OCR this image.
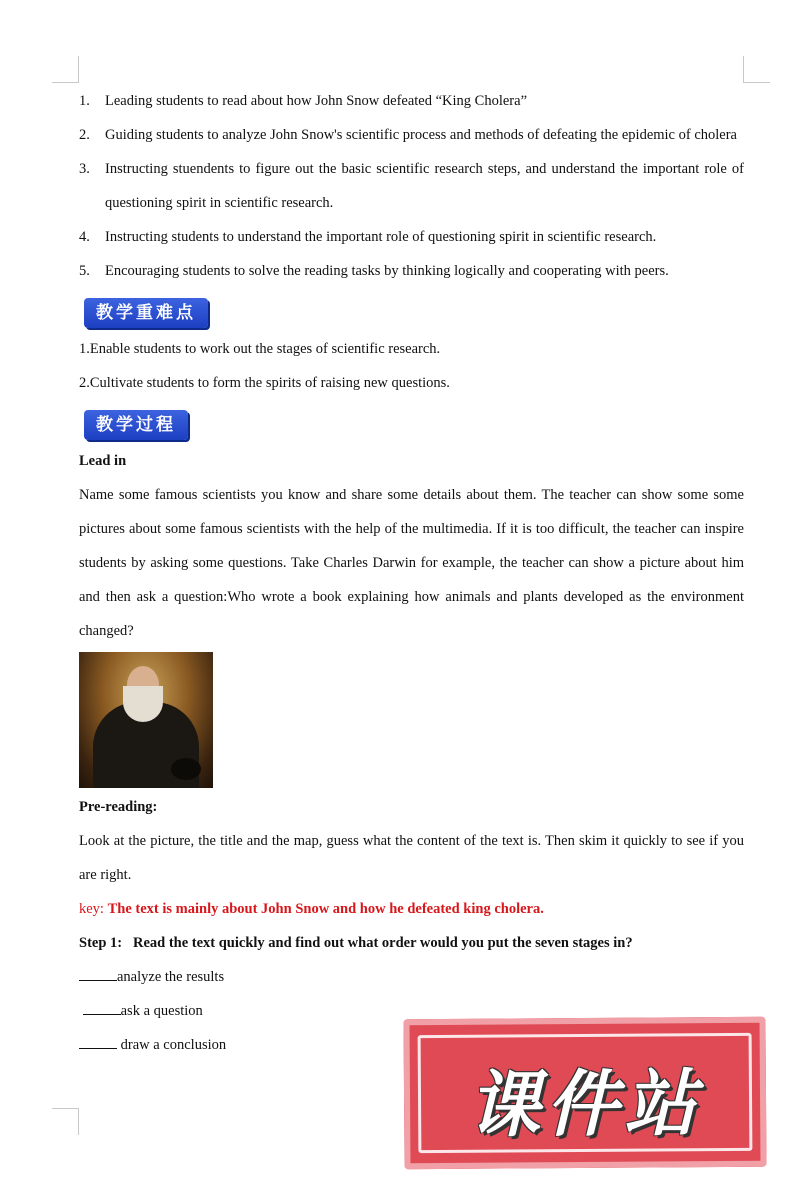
1.	Leading students to read about how John Snow defeated “King Cholera”
2.	Guiding students to analyze John Snow's scientific process and methods of defeating the epidemic of cholera
3.	Instructing stuendents to figure out the basic scientific research steps, and understand the important role of questioning spirit in scientific research.
4.	Instructing students to understand the important role of questioning spirit in scientific research.
5.	Encouraging students to solve the reading tasks by thinking logically and cooperating with peers.
教学重难点

1.Enable students to work out the stages of scientific research.

2.Cultivate students to form the spirits of raising new questions.

教学过程

Lead in

Name some famous scientists you know and share some details about them. The teacher can show some some pictures about some famous scientists with the help of the multimedia. If it is too difficult, the teacher can inspire students by asking some questions. Take Charles Darwin for example, the teacher can show a picture about him and then ask a question:Who wrote a book explaining how animals and plants developed as the environment changed?

Pre-reading:

Look at the picture, the title and the map, guess what the content of the text is. Then skim it quickly to see if you are right.

key: The text is mainly about John Snow and how he defeated king cholera.

Step 1:   Read the text quickly and find out what order would you put the seven stages in?

analyze the results

ask a question

draw a conclusion

课件站
